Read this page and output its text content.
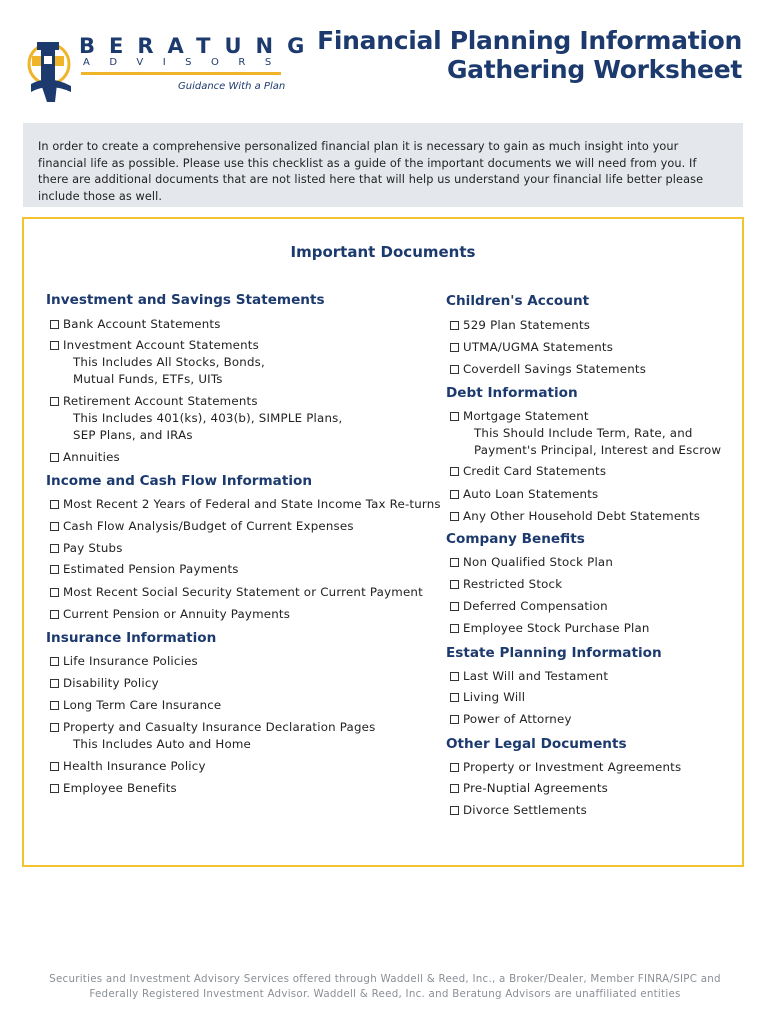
BERATUNG
ADVISORS
Guidance With a Plan
Financial Planning Information
Gathering Worksheet
In order to create a comprehensive personalized financial plan it is necessary to gain as much insight into your financial life as possible. Please use this checklist as a guide of the important documents we will need from you. If there are additional documents that are not listed here that will help us understand your financial life better please include those as well.
Important Documents
Investment and Savings Statements
Bank Account Statements
Investment Account Statements
This Includes All Stocks, Bonds,
Mutual Funds, ETFs, UITs
Retirement Account Statements
This Includes 401(ks), 403(b), SIMPLE Plans,
SEP Plans, and IRAs
Annuities
Income and Cash Flow Information
Most Recent 2 Years of Federal and State Income Tax Re-turns
Cash Flow Analysis/Budget of Current Expenses
Pay Stubs
Estimated Pension Payments
Most Recent Social Security Statement or Current Payment
Current Pension or Annuity Payments
Insurance Information
Life Insurance Policies
Disability Policy
Long Term Care Insurance
Property and Casualty Insurance Declaration Pages
This Includes Auto and Home
Health Insurance Policy
Employee Benefits
Children's Account
529 Plan Statements
UTMA/UGMA Statements
Coverdell Savings Statements
Debt Information
Mortgage Statement
This Should Include Term, Rate, and
Payment's Principal, Interest and Escrow
Credit Card Statements
Auto Loan Statements
Any Other Household Debt Statements
Company Benefits
Non Qualified Stock Plan
Restricted Stock
Deferred Compensation
Employee Stock Purchase Plan
Estate Planning Information
Last Will and Testament
Living Will
Power of Attorney
Other Legal Documents
Property or Investment Agreements
Pre-Nuptial Agreements
Divorce Settlements
Securities and Investment Advisory Services offered through Waddell & Reed, Inc., a Broker/Dealer, Member FINRA/SIPC and
Federally Registered Investment Advisor. Waddell & Reed, Inc. and Beratung Advisors are unaffiliated entities
